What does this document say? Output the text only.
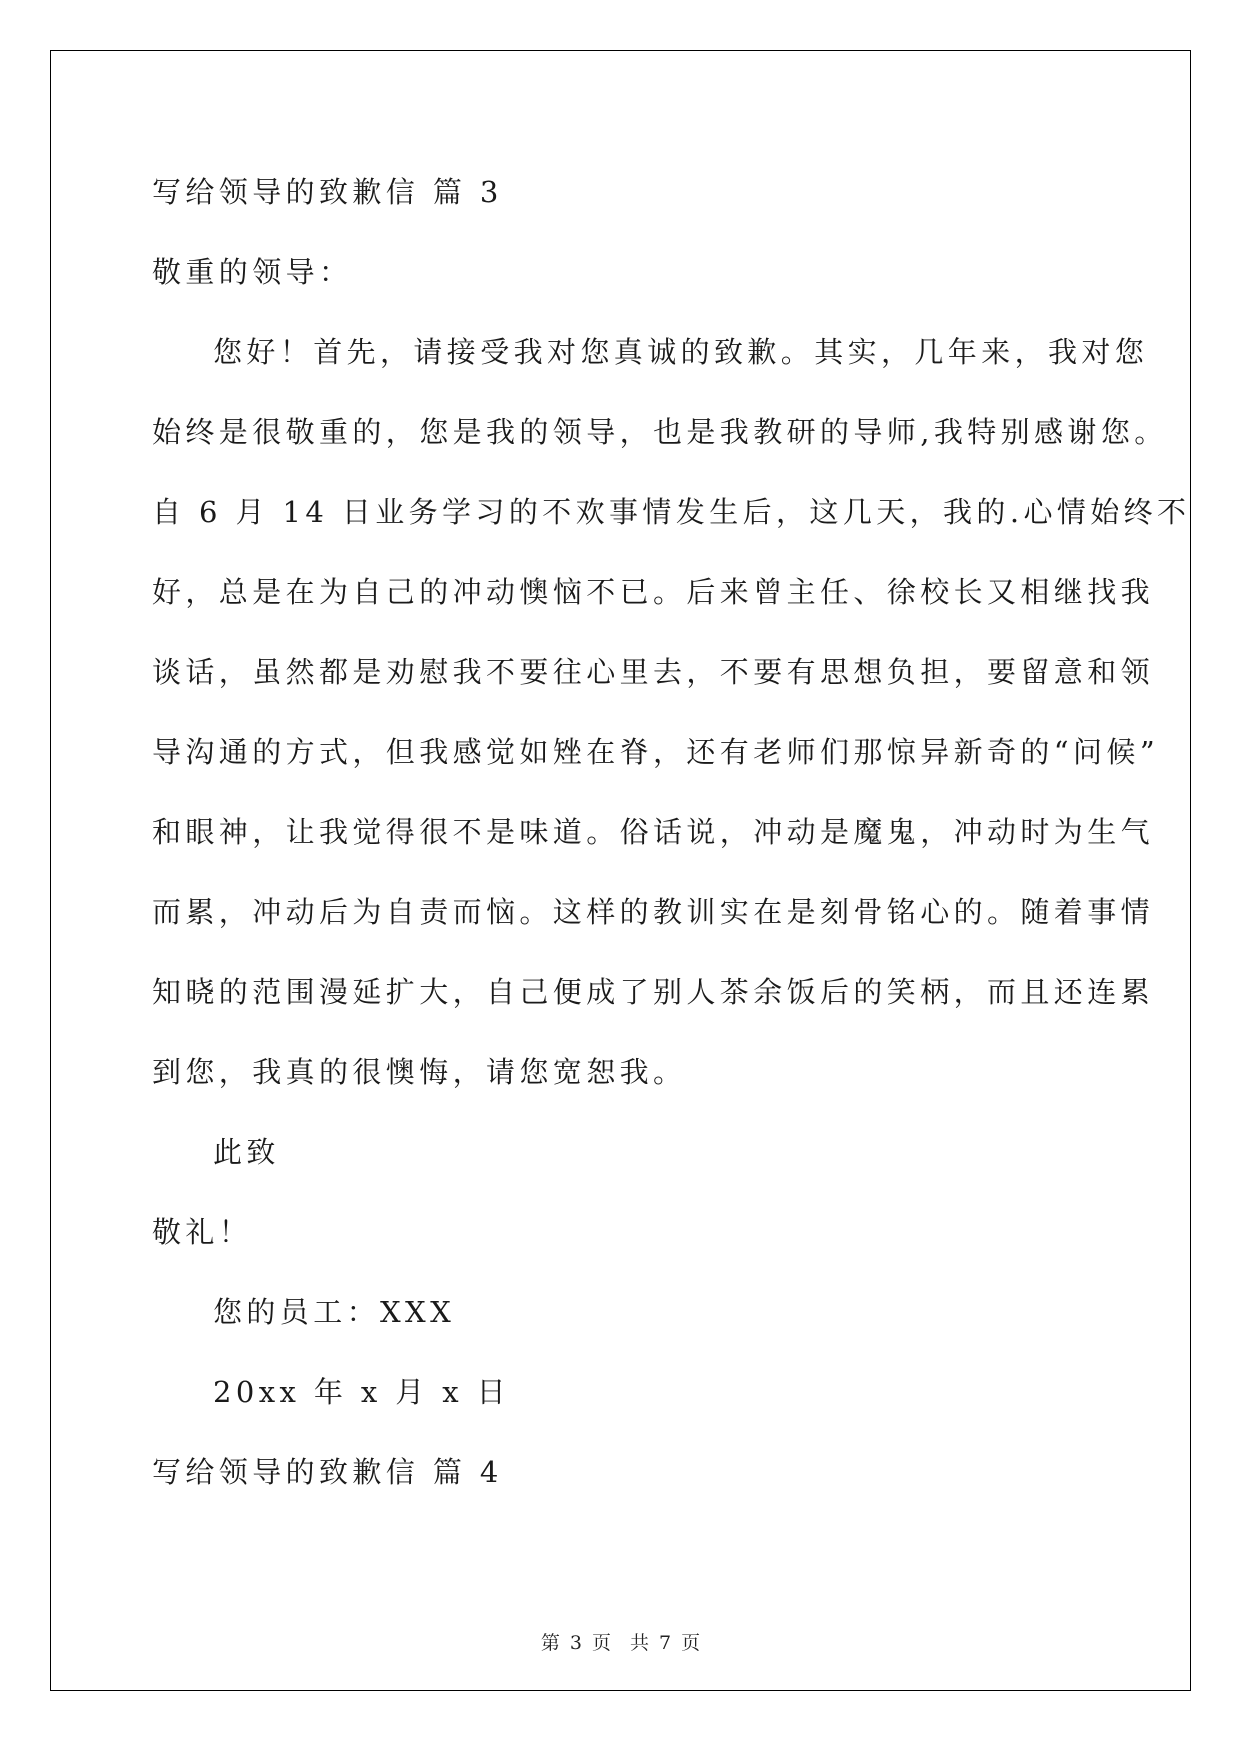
写给领导的致歉信 篇 3

敬重的领导：

您好！首先，请接受我对您真诚的致歉。其实，几年来，我对您

始终是很敬重的，您是我的领导，也是我教研的导师,我特别感谢您。

自 6 月 14 日业务学习的不欢事情发生后，这几天，我的.心情始终不

好，总是在为自己的冲动懊恼不已。后来曾主任、徐校长又相继找我

谈话，虽然都是劝慰我不要往心里去，不要有思想负担，要留意和领

导沟通的方式，但我感觉如矬在脊，还有老师们那惊异新奇的“问候”

和眼神，让我觉得很不是味道。俗话说，冲动是魔鬼，冲动时为生气

而累，冲动后为自责而恼。这样的教训实在是刻骨铭心的。随着事情

知晓的范围漫延扩大，自己便成了别人茶余饭后的笑柄，而且还连累

到您，我真的很懊悔，请您宽恕我。

此致

敬礼！

您的员工：XXX

20xx 年 x 月 x 日

写给领导的致歉信 篇 4

第 3 页　共 7 页
